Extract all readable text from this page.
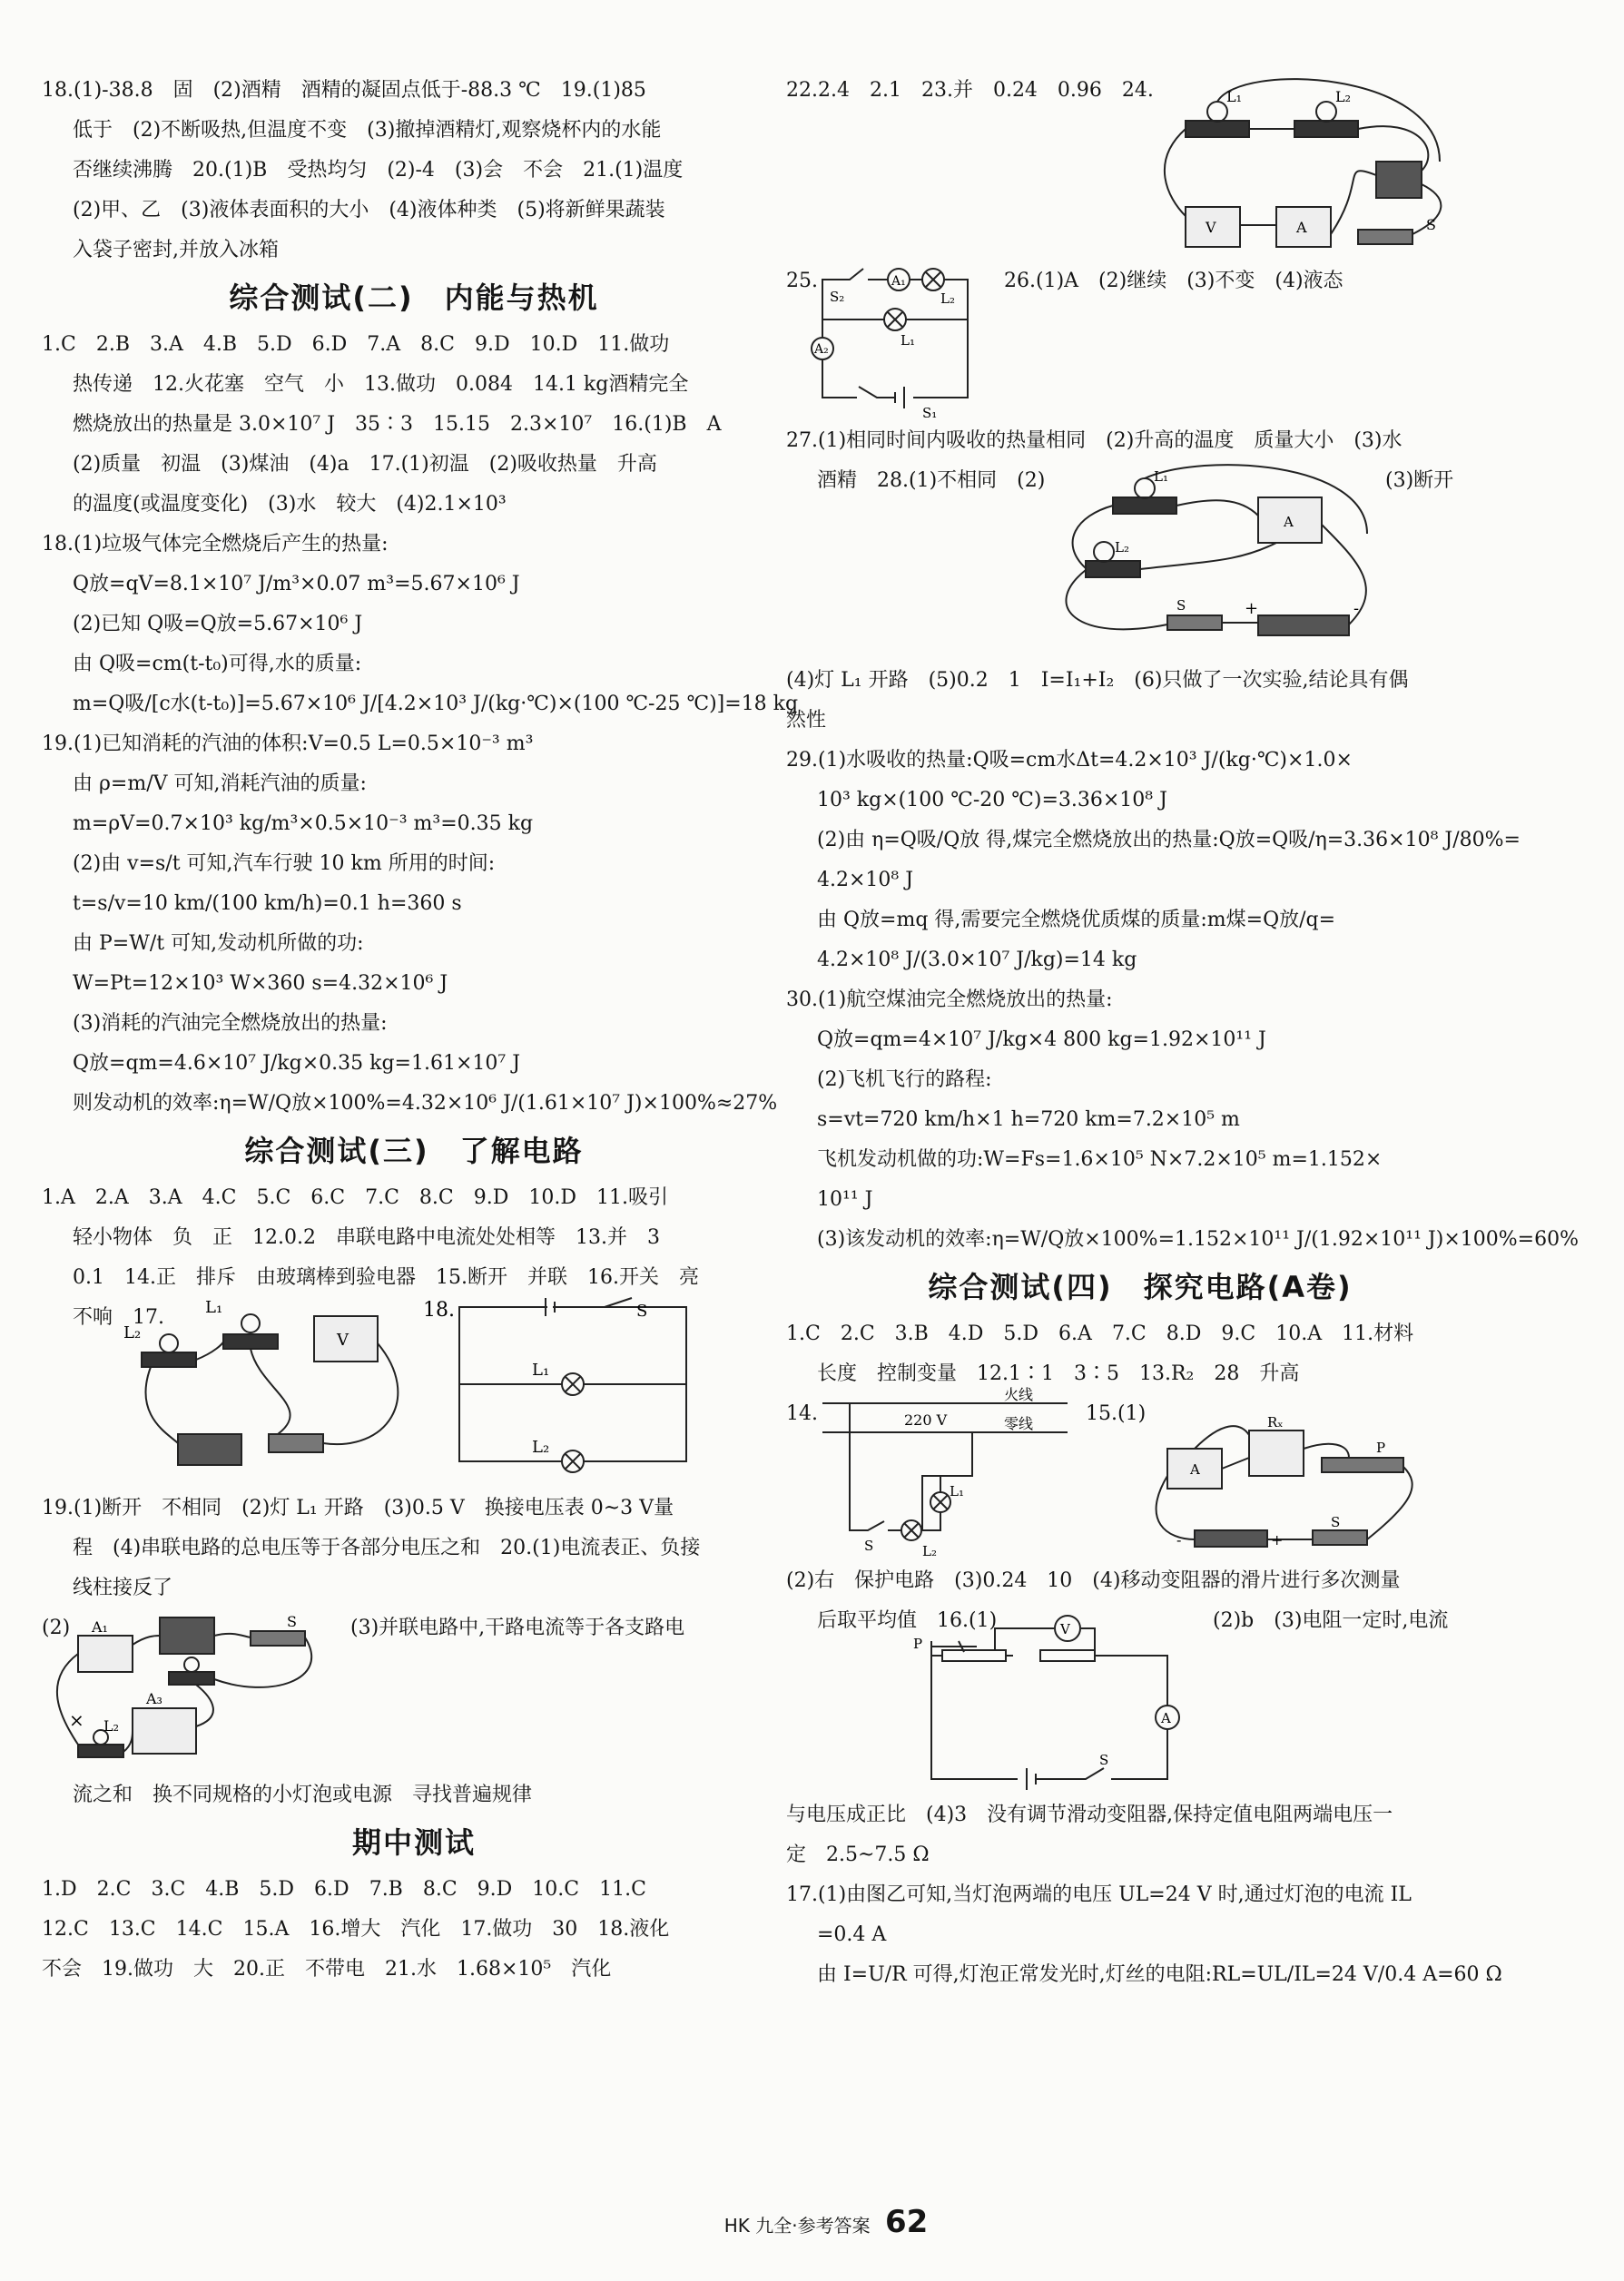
18.(1)-38.8　固　(2)酒精　酒精的凝固点低于-88.3 ℃　19.(1)85
低于　(2)不断吸热,但温度不变　(3)撤掉酒精灯,观察烧杯内的水能
否继续沸腾　20.(1)B　受热均匀　(2)-4　(3)会　不会　21.(1)温度
(2)甲、乙　(3)液体表面积的大小　(4)液体种类　(5)将新鲜果蔬装
入袋子密封,并放入冰箱
综合测试(二)　内能与热机
1.C　2.B　3.A　4.B　5.D　6.D　7.A　8.C　9.D　10.D　11.做功
热传递　12.火花塞　空气　小　13.做功　0.084　14.1 kg酒精完全
燃烧放出的热量是 3.0×10⁷ J　35∶3　15.15　2.3×10⁷　16.(1)B　A
(2)质量　初温　(3)煤油　(4)a　17.(1)初温　(2)吸收热量　升高
的温度(或温度变化)　(3)水　较大　(4)2.1×10³
18.(1)垃圾气体完全燃烧后产生的热量:
Q放=qV=8.1×10⁷ J/m³×0.07 m³=5.67×10⁶ J
(2)已知 Q吸=Q放=5.67×10⁶ J
由 Q吸=cm(t-t₀)可得,水的质量:
m=Q吸/[c水(t-t₀)]=5.67×10⁶ J/[4.2×10³ J/(kg·℃)×(100 ℃-25 ℃)]=18 kg
19.(1)已知消耗的汽油的体积:V=0.5 L=0.5×10⁻³ m³
由 ρ=m/V 可知,消耗汽油的质量:
m=ρV=0.7×10³ kg/m³×0.5×10⁻³ m³=0.35 kg
(2)由 v=s/t 可知,汽车行驶 10 km 所用的时间:
t=s/v=10 km/(100 km/h)=0.1 h=360 s
由 P=W/t 可知,发动机所做的功:
W=Pt=12×10³ W×360 s=4.32×10⁶ J
(3)消耗的汽油完全燃烧放出的热量:
Q放=qm=4.6×10⁷ J/kg×0.35 kg=1.61×10⁷ J
则发动机的效率:η=W/Q放×100%=4.32×10⁶ J/(1.61×10⁷ J)×100%≈27%
综合测试(三)　了解电路
1.A　2.A　3.A　4.C　5.C　6.C　7.C　8.C　9.D　10.D　11.吸引
轻小物体　负　正　12.0.2　串联电路中电流处处相等　13.并　3
0.1　14.正　排斥　由玻璃棒到验电器　15.断开　并联　16.开关　亮
不响　17.	L₁
L₂	V
18.
L₁
L₂
S
19.(1)断开　不相同　(2)灯 L₁ 开路　(3)0.5 V　换接电压表 0~3 V量
程　(4)串联电路的总电压等于各部分电压之和　20.(1)电流表正、负接
线柱接反了
(2)	(3)并联电路中,干路电流等于各支路电
A₁	S
A₃
L₂
×
流之和　换不同规格的小灯泡或电源　寻找普遍规律
期中测试
1.D　2.C　3.C　4.B　5.D　6.D　7.B　8.C　9.D　10.C　11.C
12.C　13.C　14.C　15.A　16.增大　汽化　17.做功　30　18.液化
不会　19.做功　大　20.正　不带电　21.水　1.68×10⁵　汽化
22.2.4　2.1　23.并　0.24　0.96　24.	L₁	L₂
V	A	S
25.	26.(1)A　(2)继续　(3)不变　(4)液态
S₂
A₁
L₂
L₁
A₂
S₁
27.(1)相同时间内吸收的热量相同　(2)升高的温度　质量大小　(3)水
酒精　28.(1)不相同　(2)	(3)断开
L₁
L₂
A
S	+	-
(4)灯 L₁ 开路　(5)0.2　1　I=I₁+I₂　(6)只做了一次实验,结论具有偶
然性
29.(1)水吸收的热量:Q吸=cm水Δt=4.2×10³ J/(kg·℃)×1.0×
10³ kg×(100 ℃-20 ℃)=3.36×10⁸ J
(2)由 η=Q吸/Q放 得,煤完全燃烧放出的热量:Q放=Q吸/η=3.36×10⁸ J/80%=
4.2×10⁸ J
由 Q放=mq 得,需要完全燃烧优质煤的质量:m煤=Q放/q=
4.2×10⁸ J/(3.0×10⁷ J/kg)=14 kg
30.(1)航空煤油完全燃烧放出的热量:
Q放=qm=4×10⁷ J/kg×4 800 kg=1.92×10¹¹ J
(2)飞机飞行的路程:
s=vt=720 km/h×1 h=720 km=7.2×10⁵ m
飞机发动机做的功:W=Fs=1.6×10⁵ N×7.2×10⁵ m=1.152×
10¹¹ J
(3)该发动机的效率:η=W/Q放×100%=1.152×10¹¹ J/(1.92×10¹¹ J)×100%=60%
综合测试(四)　探究电路(A卷)
1.C　2.C　3.B　4.D　5.D　6.A　7.C　8.D　9.C　10.A　11.材料
长度　控制变量　12.1∶1　3∶5　13.R₂　28　升高
14.	15.(1)
火线
零线
220 V
L₁
L₂
S
A
Rₓ
P
S
-	+
(2)右　保护电路　(3)0.24　10　(4)移动变阻器的滑片进行多次测量
后取平均值　16.(1)	(2)b　(3)电阻一定时,电流
P
V
A
S
与电压成正比　(4)3　没有调节滑动变阻器,保持定值电阻两端电压一
定　2.5~7.5 Ω
17.(1)由图乙可知,当灯泡两端的电压 UL=24 V 时,通过灯泡的电流 IL
=0.4 A
由 I=U/R 可得,灯泡正常发光时,灯丝的电阻:RL=UL/IL=24 V/0.4 A=60 Ω
HK 九全·参考答案 62
